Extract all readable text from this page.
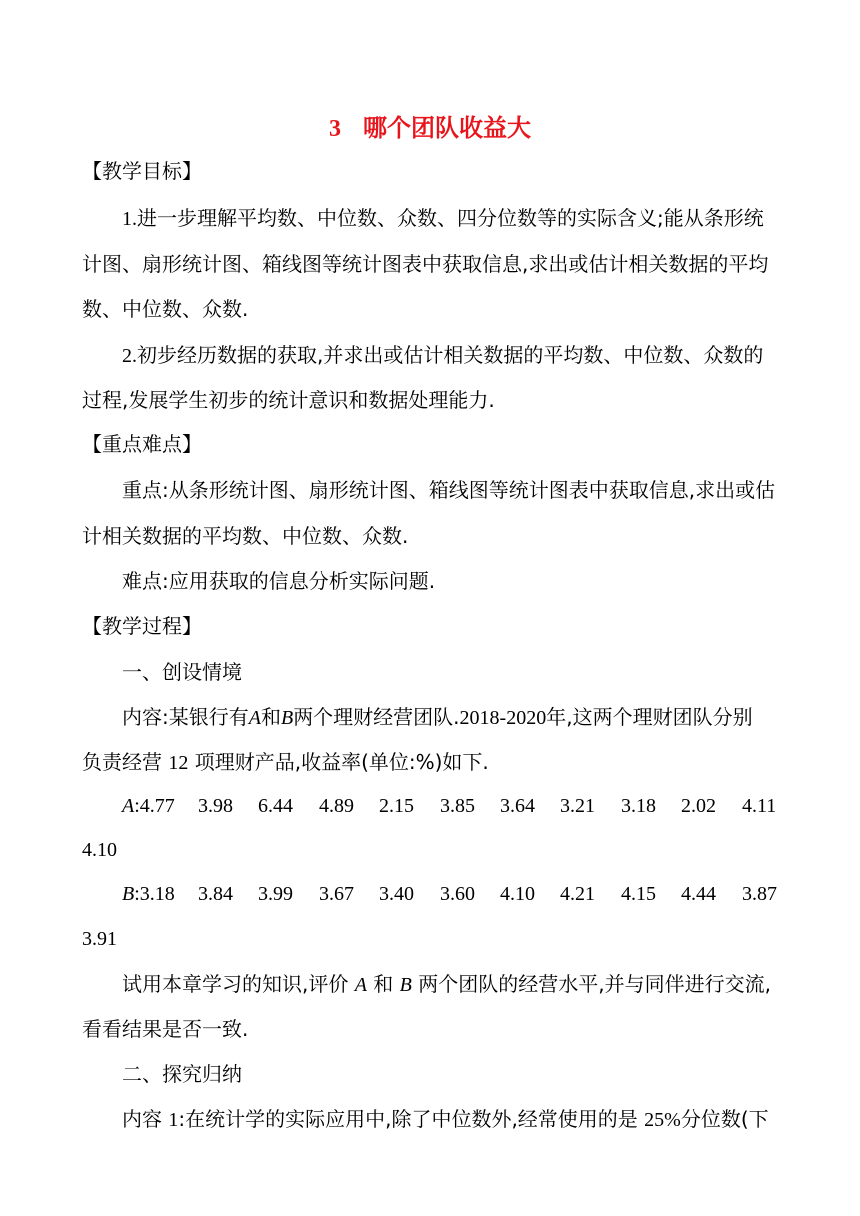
3 哪个团队收益大
【教学目标】
1.进一步理解平均数、中位数、众数、四分位数等的实际含义;能从条形统
计图、扇形统计图、箱线图等统计图表中获取信息,求出或估计相关数据的平均
数、中位数、众数.
2.初步经历数据的获取,并求出或估计相关数据的平均数、中位数、众数的
过程,发展学生初步的统计意识和数据处理能力.
【重点难点】
重点:从条形统计图、扇形统计图、箱线图等统计图表中获取信息,求出或估
计相关数据的平均数、中位数、众数.
难点:应用获取的信息分析实际问题.
【教学过程】
一、创设情境
内容:某银行有A和B两个理财经营团队.2018-2020年,这两个理财团队分别
负责经营 12 项理财产品,收益率(单位:%)如下.
A:4.77 3.98 6.44 4.89 2.15 3.85 3.64 3.21 3.18 2.02 4.11
4.10
B:3.18 3.84 3.99 3.67 3.40 3.60 4.10 4.21 4.15 4.44 3.87
3.91
试用本章学习的知识,评价 A 和 B 两个团队的经营水平,并与同伴进行交流,
看看结果是否一致.
二、探究归纳
内容 1:在统计学的实际应用中,除了中位数外,经常使用的是 25%分位数(下
